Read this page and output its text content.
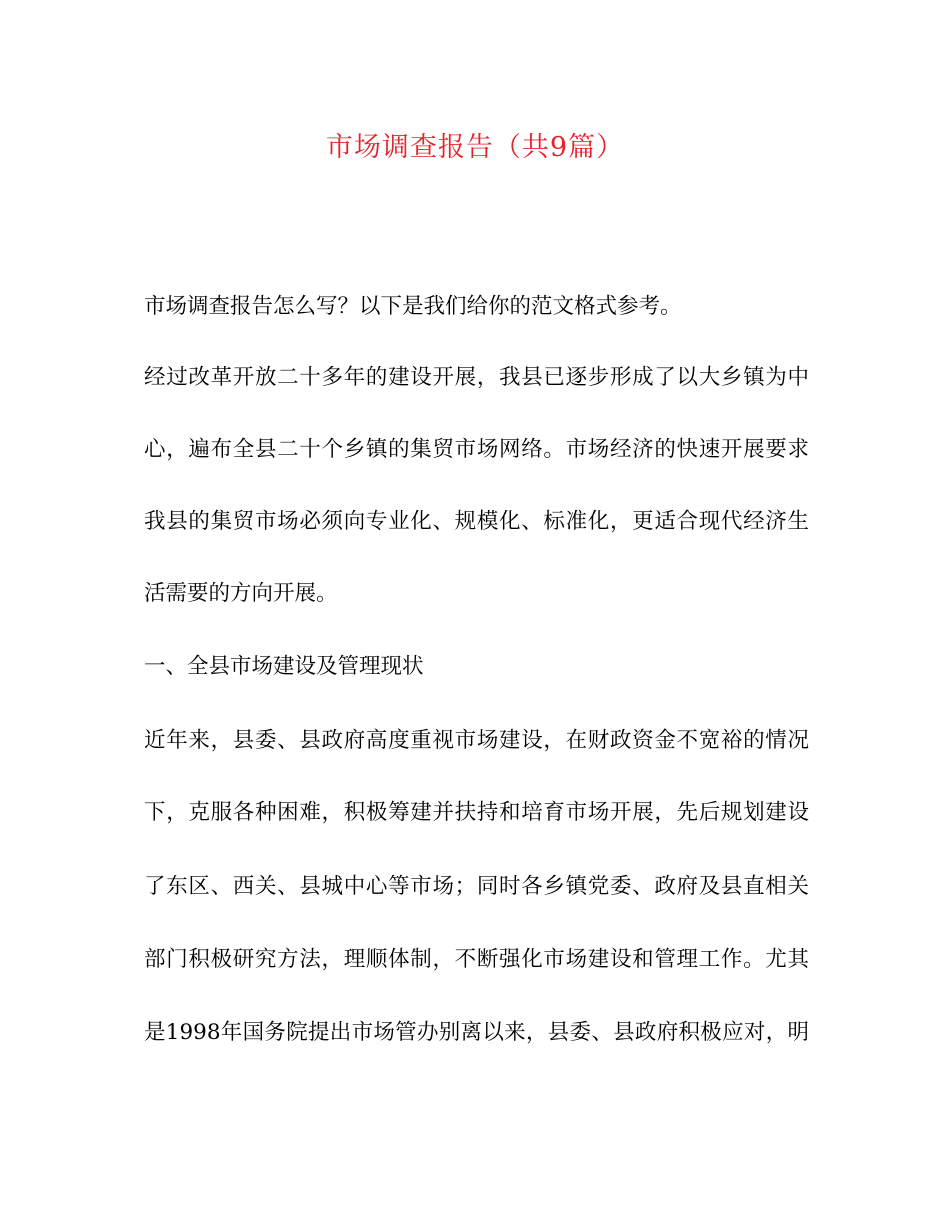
市场调查报告（共9篇）
市场调查报告怎么写？以下是我们给你的范文格式参考。
经过改革开放二十多年的建设开展，我县已逐步形成了以大乡镇为中
心，遍布全县二十个乡镇的集贸市场网络。市场经济的快速开展要求
我县的集贸市场必须向专业化、规模化、标准化，更适合现代经济生
活需要的方向开展。
一、全县市场建设及管理现状
近年来，县委、县政府高度重视市场建设，在财政资金不宽裕的情况
下，克服各种困难，积极筹建并扶持和培育市场开展，先后规划建设
了东区、西关、县城中心等市场；同时各乡镇党委、政府及县直相关
部门积极研究方法，理顺体制，不断强化市场建设和管理工作。尤其
是1998年国务院提出市场管办别离以来，县委、县政府积极应对，明
